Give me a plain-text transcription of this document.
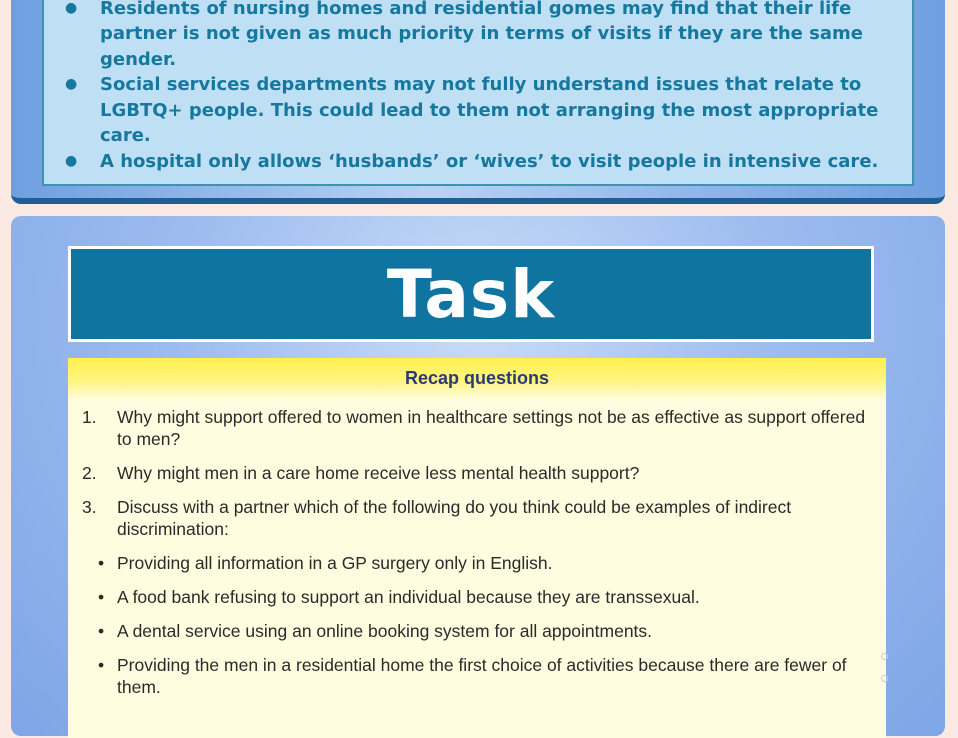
● Residents of nursing homes and residential gomes may find that their life partner is not given as much priority in terms of visits if they are the same gender.
● Social services departments may not fully understand issues that relate to LGBTQ+ people. This could lead to them not arranging the most appropriate care.
● A hospital only allows ‘husbands’ or ‘wives’ to visit people in intensive care.
Task
Recap questions
1. Why might support offered to women in healthcare settings not be as effective as support offered to men?
2. Why might men in a care home receive less mental health support?
3. Discuss with a partner which of the following do you think could be examples of indirect discrimination:
• Providing all information in a GP surgery only in English.
• A food bank refusing to support an individual because they are transsexual.
• A dental service using an online booking system for all appointments.
• Providing the men in a residential home the first choice of activities because there are fewer of them.
